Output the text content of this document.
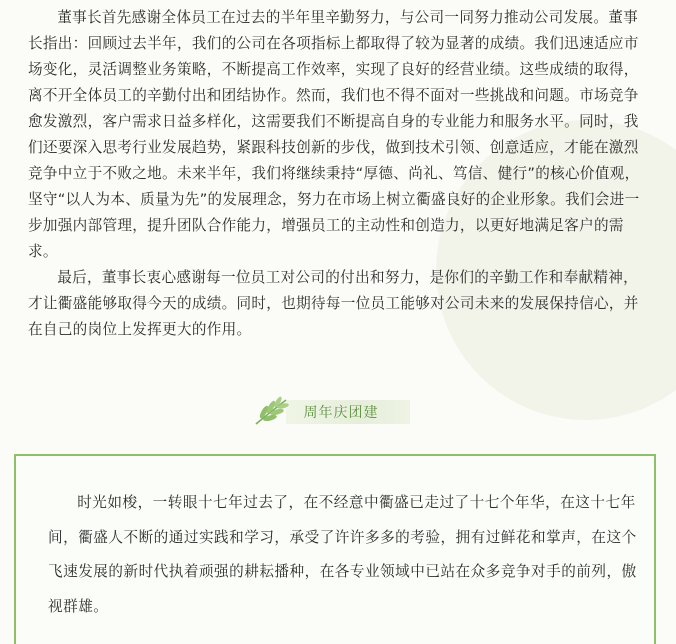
董事长首先感谢全体员工在过去的半年里辛勤努力，与公司一同努力推动公司发展。董事长指出：回顾过去半年，我们的公司在各项指标上都取得了较为显著的成绩。我们迅速适应市场变化，灵活调整业务策略，不断提高工作效率，实现了良好的经营业绩。这些成绩的取得，离不开全体员工的辛勤付出和团结协作。然而，我们也不得不面对一些挑战和问题。市场竞争愈发激烈，客户需求日益多样化，这需要我们不断提高自身的专业能力和服务水平。同时，我们还要深入思考行业发展趋势，紧跟科技创新的步伐，做到技术引领、创意适应，才能在激烈竞争中立于不败之地。未来半年，我们将继续秉持“厚德、尚礼、笃信、健行”的核心价值观，坚守“以人为本、质量为先”的发展理念，努力在市场上树立衢盛良好的企业形象。我们会进一步加强内部管理，提升团队合作能力，增强员工的主动性和创造力，以更好地满足客户的需求。

最后，董事长衷心感谢每一位员工对公司的付出和努力，是你们的辛勤工作和奉献精神，才让衢盛能够取得今天的成绩。同时，也期待每一位员工能够对公司未来的发展保持信心，并在自己的岗位上发挥更大的作用。

周年庆团建

时光如梭，一转眼十七年过去了，在不经意中衢盛已走过了十七个年华，在这十七年间，衢盛人不断的通过实践和学习，承受了许许多多的考验，拥有过鲜花和掌声，在这个飞速发展的新时代执着顽强的耕耘播种，在各专业领域中已站在众多竞争对手的前列，傲视群雄。
